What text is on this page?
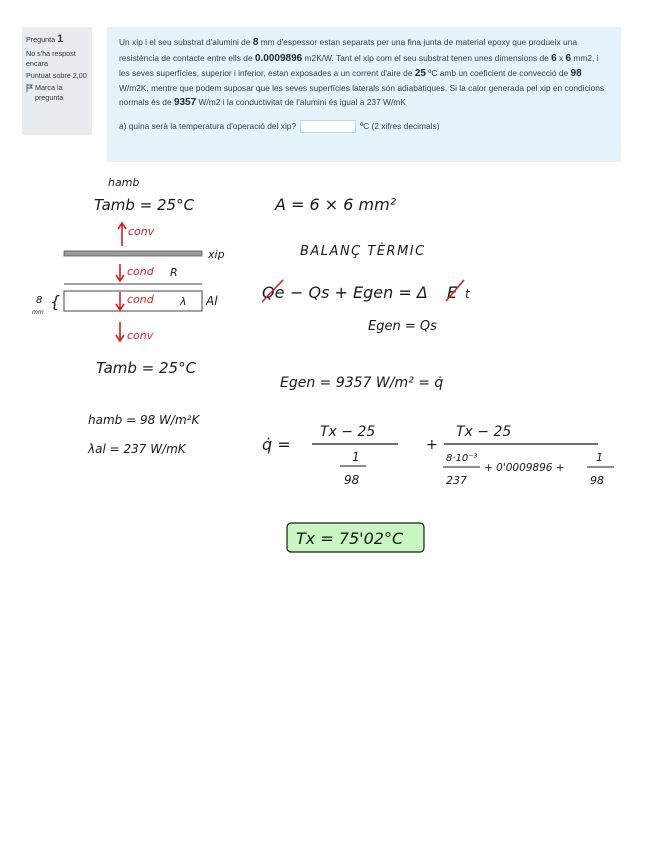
Pregunta 1
No s'ha respost encara
Puntuat sobre 2,00
Marca la pregunta
Un xip i el seu substrat d'alumini de 8 mm d'espessor estan separats per una fina junta de material epoxy que produeix una resistència de contacte entre ells de 0.0009896 m2K/W. Tant el xip com el seu substrat tenen unes dimensions de 6 x 6 mm2, i les seves superfícies, superior i inferior, estan exposades a un corrent d'aire de 25 ºC amb un coeficient de convecció de 98 W/m2K, mentre que podem suposar que les seves superfícies laterals són adiabàtiques. Si la calor generada pel xip en condicions normals és de 9357 W/m2 i la conductivitat de l'alumini és igual a 237 W/mK
a) quina serà la temperatura d'operació del xip?	ºC (2 xifres decimals)
hamb
Tamb = 25°C
conv
xip
cond R
8
mm
{	cond λ Al
conv
Tamb = 25°C
hamb = 98 W/m²K
λal = 237 W/mK
A = 6 × 6 mm²
BALANÇ TÈRMIC
Qe − Qs + Egen = Δ E t
Egen = Qs
Egen = 9357 W/m² = q̇
q̇ =
Tx − 25
1
98
+
Tx − 25
8·10⁻³
237
+ 0'0009896 +
1
98
Tx = 75'02°C
